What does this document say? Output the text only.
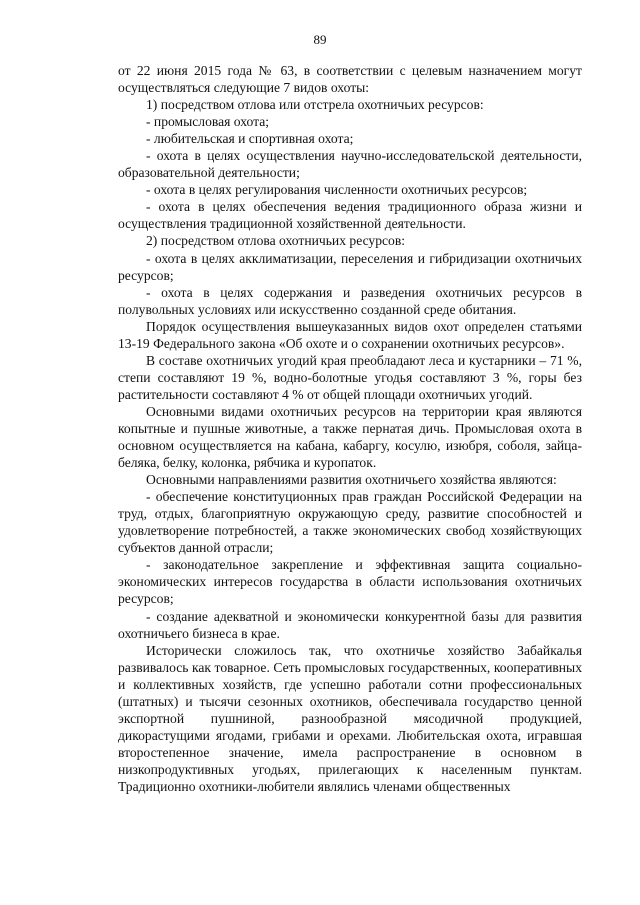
89

от 22 июня 2015 года № 63, в соответствии с целевым назначением могут осуществляться следующие 7 видов охоты:

1) посредством отлова или отстрела охотничьих ресурсов:

- промысловая охота;

- любительская и спортивная охота;

- охота в целях осуществления научно-исследовательской деятельности, образовательной деятельности;

- охота в целях регулирования численности охотничьих ресурсов;

- охота в целях обеспечения ведения традиционного образа жизни и осуществления традиционной хозяйственной деятельности.

2) посредством отлова охотничьих ресурсов:

- охота в целях акклиматизации, переселения и гибридизации охотничьих ресурсов;

- охота в целях содержания и разведения охотничьих ресурсов в полувольных условиях или искусственно созданной среде обитания.

Порядок осуществления вышеуказанных видов охот определен статьями 13-19 Федерального закона «Об охоте и о сохранении охотничьих ресурсов».

В составе охотничьих угодий края преобладают леса и кустарники – 71 %, степи составляют 19 %, водно-болотные угодья составляют 3 %, горы без растительности составляют 4 % от общей площади охотничьих угодий.

Основными видами охотничьих ресурсов на территории края являются копытные и пушные животные, а также пернатая дичь. Промысловая охота в основном осуществляется на кабана, кабаргу, косулю, изюбря, соболя, зайца-беляка, белку, колонка, рябчика и куропаток.

Основными направлениями развития охотничьего хозяйства являются:

- обеспечение конституционных прав граждан Российской Федерации на труд, отдых, благоприятную окружающую среду, развитие способностей и удовлетворение потребностей, а также экономических свобод хозяйствующих субъектов данной отрасли;

- законодательное закрепление и эффективная защита социально-экономических интересов государства в области использования охотничьих ресурсов;

- создание адекватной и экономически конкурентной базы для развития охотничьего бизнеса в крае.

Исторически сложилось так, что охотничье хозяйство Забайкалья развивалось как товарное. Сеть промысловых государственных, кооперативных и коллективных хозяйств, где успешно работали сотни профессиональных (штатных) и тысячи сезонных охотников, обеспечивала государство ценной экспортной пушниной, разнообразной мясодичной продукцией, дикорастущими ягодами, грибами и орехами. Любительская охота, игравшая второстепенное значение, имела распространение в основном в низкопродуктивных угодьях, прилегающих к населенным пунктам. Традиционно охотники-любители являлись членами общественных
